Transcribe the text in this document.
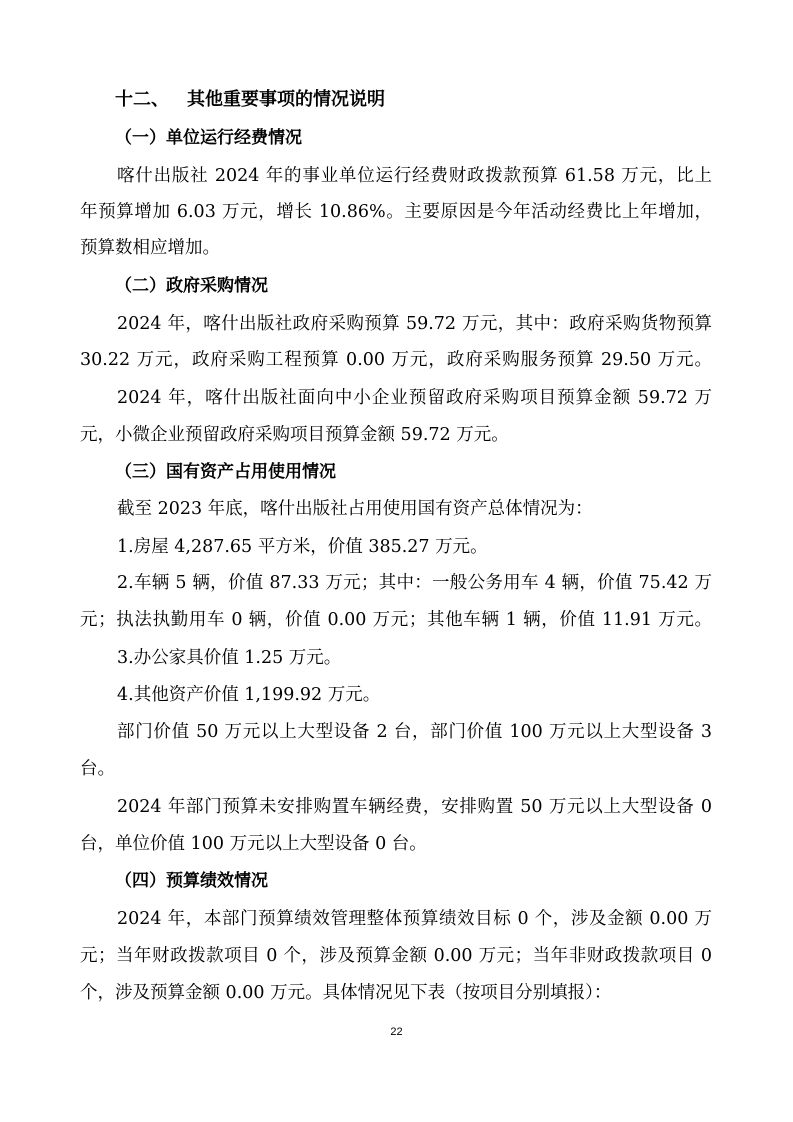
十二、 其他重要事项的情况说明
（一）单位运行经费情况
喀什出版社 2024 年的事业单位运行经费财政拨款预算 61.58 万元，比上
年预算增加 6.03 万元，增长 10.86%。主要原因是今年活动经费比上年增加，
预算数相应增加。
（二）政府采购情况
2024 年，喀什出版社政府采购预算 59.72 万元，其中：政府采购货物预算
30.22 万元，政府采购工程预算 0.00 万元，政府采购服务预算 29.50 万元。
2024 年，喀什出版社面向中小企业预留政府采购项目预算金额 59.72 万
元，小微企业预留政府采购项目预算金额 59.72 万元。
（三）国有资产占用使用情况
截至 2023 年底，喀什出版社占用使用国有资产总体情况为：
1.房屋 4,287.65 平方米，价值 385.27 万元。
2.车辆 5 辆，价值 87.33 万元；其中：一般公务用车 4 辆，价值 75.42 万
元；执法执勤用车 0 辆，价值 0.00 万元；其他车辆 1 辆，价值 11.91 万元。
3.办公家具价值 1.25 万元。
4.其他资产价值 1,199.92 万元。
部门价值 50 万元以上大型设备 2 台，部门价值 100 万元以上大型设备 3
台。
2024 年部门预算未安排购置车辆经费，安排购置 50 万元以上大型设备 0
台，单位价值 100 万元以上大型设备 0 台。
（四）预算绩效情况
2024 年，本部门预算绩效管理整体预算绩效目标 0 个，涉及金额 0.00 万
元；当年财政拨款项目 0 个，涉及预算金额 0.00 万元；当年非财政拨款项目 0
个，涉及预算金额 0.00 万元。具体情况见下表（按项目分别填报）：
22
